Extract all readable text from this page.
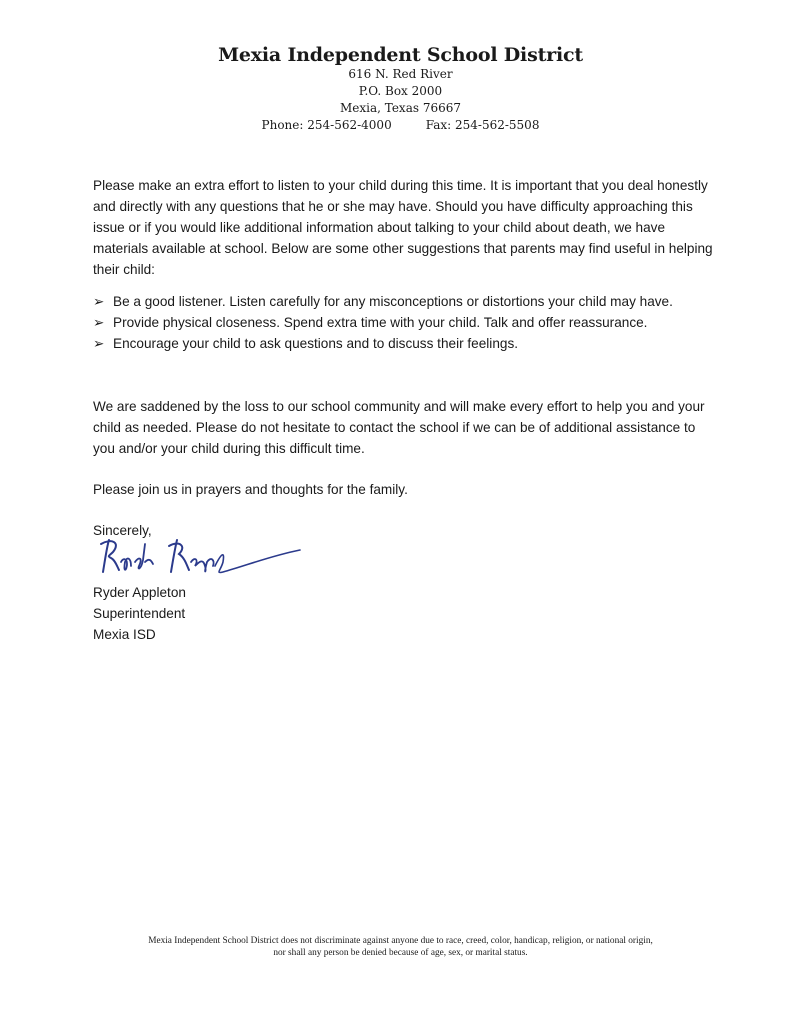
Mexia Independent School District
616 N. Red River
P.O. Box 2000
Mexia, Texas 76667
Phone: 254-562-4000	Fax: 254-562-5508
Please make an extra effort to listen to your child during this time. It is important that you deal honestly and directly with any questions that he or she may have. Should you have difficulty approaching this issue or if you would like additional information about talking to your child about death, we have materials available at school. Below are some other suggestions that parents may find useful in helping their child:
➢ Be a good listener. Listen carefully for any misconceptions or distortions your child may have.
➢ Provide physical closeness. Spend extra time with your child. Talk and offer reassurance.
➢ Encourage your child to ask questions and to discuss their feelings.
We are saddened by the loss to our school community and will make every effort to help you and your child as needed. Please do not hesitate to contact the school if we can be of additional assistance to you and/or your child during this difficult time.
Please join us in prayers and thoughts for the family.
Sincerely,
Ryder Appleton
Superintendent
Mexia ISD
Mexia Independent School District does not discriminate against anyone due to race, creed, color, handicap, religion, or national origin,
nor shall any person be denied because of age, sex, or marital status.
